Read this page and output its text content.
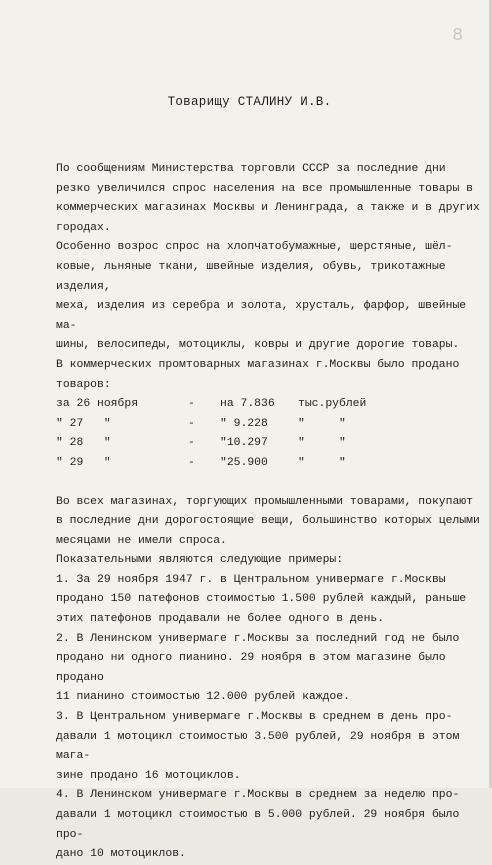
8
Товарищу СТАЛИНУ И.В.

По сообщениям Министерства торговли СССР за последние дни
резко увеличился спрос населения на все промышленные товары в
коммерческих магазинах Москвы и Ленинграда, а также и в других
городах.

Особенно возрос спрос на хлопчатобумажные, шерстяные, шёл-
ковые, льняные ткани, швейные изделия, обувь, трикотажные изделия,
меха, изделия из серебра и золота, хрусталь, фарфор, швейные ма-
шины, велосипеды, мотоциклы, ковры и другие дорогие товары.

В коммерческих промтоварных магазинах г.Москвы было продано
товаров:

за 26 ноября	- на 7.836 тыс.рублей
" 27   "	- " 9.228	"     "
" 28   "	- "10.297	"     "
" 29   "	- "25.900	"     "

Во всех магазинах, торгующих промышленными товарами, покупают
в последние дни дорогостоящие вещи, большинство которых целыми
месяцами не имели спроса.

Показательными являются следующие примеры:

1. За 29 ноября 1947 г. в Центральном универмаге г.Москвы
продано 150 патефонов стоимостью 1.500 рублей каждый, раньше
этих патефонов продавали не более одного в день.

2. В Ленинском универмаге г.Москвы за последний год не было
продано ни одного пианино. 29 ноября в этом магазине было продано
11 пианино стоимостью 12.000 рублей каждое.

3. В Центральном универмаге г.Москвы в среднем в день про-
давали 1 мотоцикл стоимостью 3.500 рублей, 29 ноября в этом мага-
зине продано 16 мотоциклов.

4. В Ленинском универмаге г.Москвы в среднем за неделю про-
давали 1 мотоцикл стоимостью в 5.000 рублей. 29 ноября было про-
дано 10 мотоциклов.
